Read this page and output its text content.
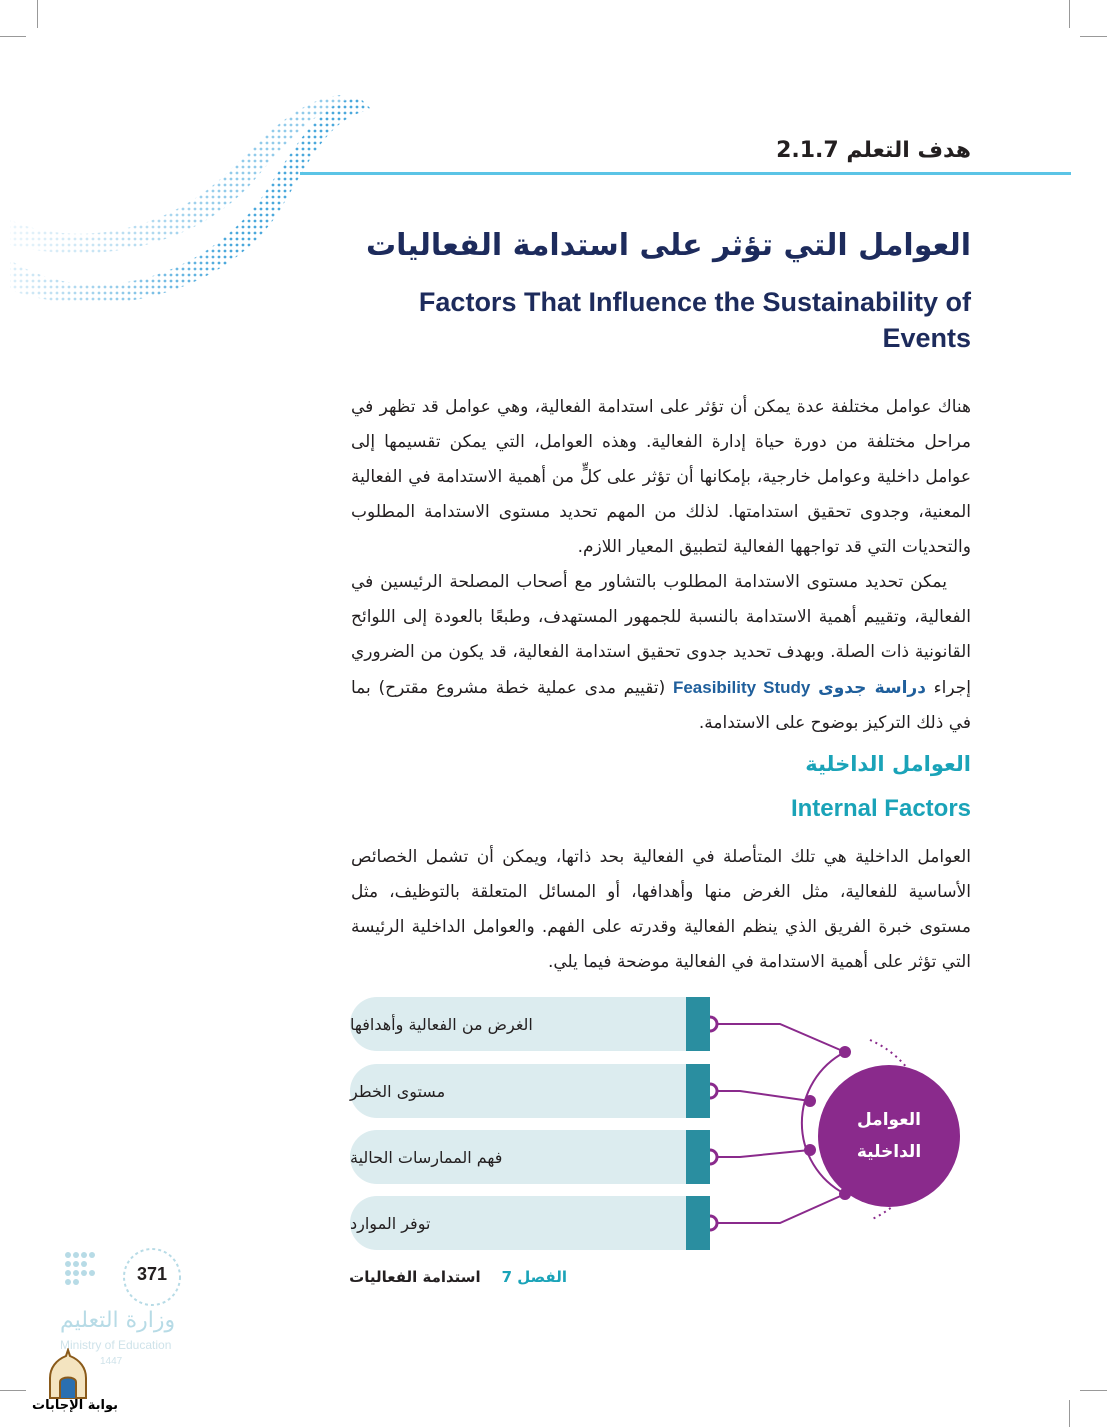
هدف التعلم 2.1.7
العوامل التي تؤثر على استدامة الفعاليات
Factors That Influence the Sustainability of Events

هناك عوامل مختلفة عدة يمكن أن تؤثر على استدامة الفعالية، وهي عوامل قد تظهر في مراحل مختلفة من دورة حياة إدارة الفعالية. وهذه العوامل، التي يمكن تقسيمها إلى عوامل داخلية وعوامل خارجية، بإمكانها أن تؤثر على كلٍّ من أهمية الاستدامة في الفعالية المعنية، وجدوى تحقيق استدامتها. لذلك من المهم تحديد مستوى الاستدامة المطلوب والتحديات التي قد تواجهها الفعالية لتطبيق المعيار اللازم.

يمكن تحديد مستوى الاستدامة المطلوب بالتشاور مع أصحاب المصلحة الرئيسين في الفعالية، وتقييم أهمية الاستدامة بالنسبة للجمهور المستهدف، وطبعًا بالعودة إلى اللوائح القانونية ذات الصلة. وبهدف تحديد جدوى تحقيق استدامة الفعالية، قد يكون من الضروري إجراء دراسة جدوى Feasibility Study (تقييم مدى عملية خطة مشروع مقترح) بما في ذلك التركيز بوضوح على الاستدامة.

العوامل الداخلية
Internal Factors
العوامل الداخلية هي تلك المتأصلة في الفعالية بحد ذاتها، ويمكن أن تشمل الخصائص الأساسية للفعالية، مثل الغرض منها وأهدافها، أو المسائل المتعلقة بالتوظيف، مثل مستوى خبرة الفريق الذي ينظم الفعالية وقدرته على الفهم. والعوامل الداخلية الرئيسة التي تؤثر على أهمية الاستدامة في الفعالية موضحة فيما يلي.
الغرض من الفعالية وأهدافها
مستوى الخطر
فهم الممارسات الحالية
توفر الموارد
العوامل
الداخلية
371	الفصل 7    استدامة الفعاليات
وزارة التعليم
Ministry of Education
1447
بوابة الإجابات
